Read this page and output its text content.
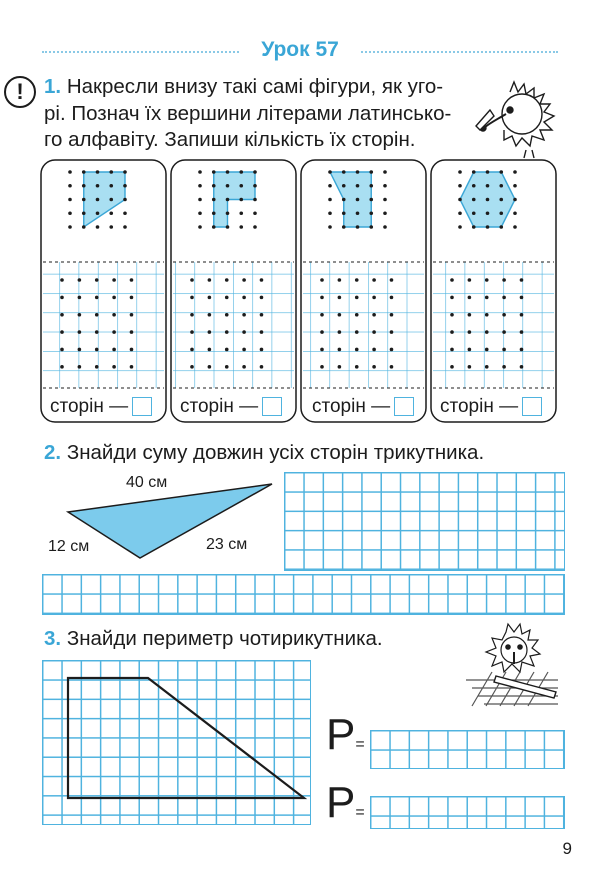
Урок 57
! 1. Накресли внизу такі самі фігури, як уго-
рі. Познач їх вершини літерами латинсько-
го алфавіту. Запиши кількість їх сторін.
сторін —	сторін —	сторін —	сторін —
2. Знайди суму довжин усіх сторін трикутника.
40 см
12 см	23 см
3. Знайди периметр чотирикутника.
P=
P=
9
